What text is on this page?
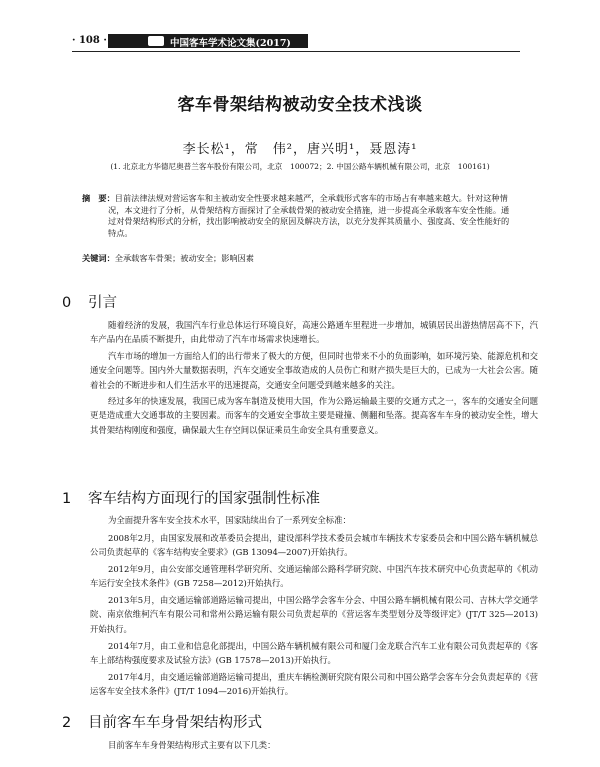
· 108 ·	中国客车学术论文集(2017)
客车骨架结构被动安全技术浅谈
李长松¹，常　伟²，唐兴明¹，聂恩涛¹
(1. 北京北方华德尼奥普兰客车股份有限公司，北京　100072；2. 中国公路车辆机械有限公司，北京　100161)

摘　要：目前法律法规对营运客车和主被动安全性要求越来越严，全承载形式客车的市场占有率越来越大。针对这种情况，本文进行了分析，从骨架结构方面探讨了全承载骨架的被动安全措施，进一步提高全承载客车安全性能。通过对骨架结构形式的分析，找出影响被动安全的原因及解决方法，以充分发挥其质量小、强度高、安全性能好的特点。

关键词：全承载客车骨架；被动安全；影响因素
0 引言

随着经济的发展，我国汽车行业总体运行环境良好，高速公路通车里程进一步增加，城镇居民出游热情居高不下，汽车产品内在品质不断提升，由此带动了汽车市场需求快速增长。

汽车市场的增加一方面给人们的出行带来了极大的方便，但同时也带来不小的负面影响，如环境污染、能源危机和交通安全问题等。国内外大量数据表明，汽车交通安全事故造成的人员伤亡和财产损失是巨大的，已成为一大社会公害。随着社会的不断进步和人们生活水平的迅速提高，交通安全问题受到越来越多的关注。

经过多年的快速发展，我国已成为客车制造及使用大国，作为公路运输最主要的交通方式之一，客车的交通安全问题更是造成重大交通事故的主要因素。而客车的交通安全事故主要是碰撞、侧翻和坠落。提高客车车身的被动安全性，增大其骨架结构刚度和强度，确保最大生存空间以保证乘员生命安全具有重要意义。

1 客车结构方面现行的国家强制性标准

为全面提升客车安全技术水平，国家陆续出台了一系列安全标准：

2008年2月，由国家发展和改革委员会提出，建设部科学技术委员会城市车辆技术专家委员会和中国公路车辆机械总公司负责起草的《客车结构安全要求》(GB 13094—2007)开始执行。

2012年9月，由公安部交通管理科学研究所、交通运输部公路科学研究院、中国汽车技术研究中心负责起草的《机动车运行安全技术条件》(GB 7258—2012)开始执行。

2013年5月，由交通运输部道路运输司提出，中国公路学会客车分会、中国公路车辆机械有限公司、吉林大学交通学院、南京依维柯汽车有限公司和常州公路运输有限公司负责起草的《营运客车类型划分及等级评定》(JT/T 325—2013)开始执行。

2014年7月，由工业和信息化部提出，中国公路车辆机械有限公司和厦门金龙联合汽车工业有限公司负责起草的《客车上部结构强度要求及试验方法》(GB 17578—2013)开始执行。

2017年4月，由交通运输部道路运输司提出，重庆车辆检测研究院有限公司和中国公路学会客车分会负责起草的《营运客车安全技术条件》(JT/T 1094—2016)开始执行。

2 目前客车车身骨架结构形式

目前客车车身骨架结构形式主要有以下几类：
